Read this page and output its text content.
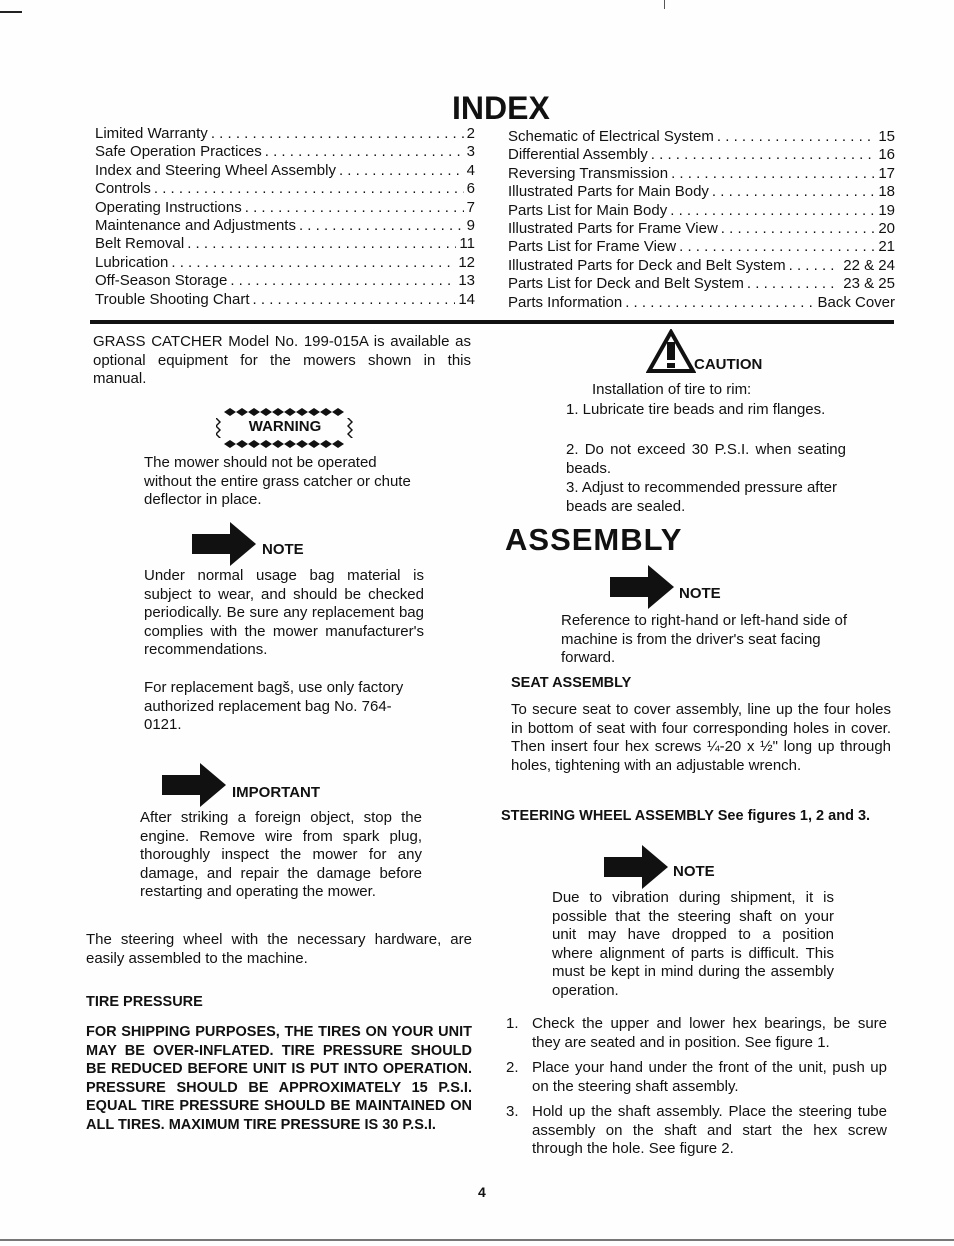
INDEX
Limited Warranty . . .	2
Safe Operation Practices . . .	3
Index and Steering Wheel Assembly . . .	4
Controls . . .	6
Operating Instructions . . .	7
Maintenance and Adjustments . . .	9
Belt Removal . . .	11
Lubrication . . .	12
Off-Season Storage . . .	13
Trouble Shooting Chart . . .	14
Schematic of Electrical System . . .	15
Differential Assembly . . .	16
Reversing Transmission . . .	17
Illustrated Parts for Main Body . . .	18
Parts List for Main Body . . .	19
Illustrated Parts for Frame View . . .	20
Parts List for Frame View . . .	21
Illustrated Parts for Deck and Belt System . . .	22 & 24
Parts List for Deck and Belt System . . .	23 & 25
Parts Information . . .	Back Cover

GRASS CATCHER Model No. 199-015A is available as optional equipment for the mowers shown in this manual.

WARNING

The mower should not be operated without the entire grass catcher or chute deflector in place.

NOTE

Under normal usage bag material is subject to wear, and should be checked periodically. Be sure any replacement bag complies with the mower manufacturer's recommendations.

For replacement bagš, use only factory authorized replacement bag No. 764-0121.

IMPORTANT

After striking a foreign object, stop the engine. Remove wire from spark plug, thoroughly inspect the mower for any damage, and repair the damage before restarting and operating the mower.

The steering wheel with the necessary hardware, are easily assembled to the machine.

TIRE PRESSURE

FOR SHIPPING PURPOSES, THE TIRES ON YOUR UNIT MAY BE OVER-INFLATED. TIRE PRESSURE SHOULD BE REDUCED BEFORE UNIT IS PUT INTO OPERATION. PRESSURE SHOULD BE APPROXIMATELY 15 P.S.I. EQUAL TIRE PRESSURE SHOULD BE MAINTAINED ON ALL TIRES. MAXIMUM TIRE PRESSURE IS 30 P.S.I.

CAUTION

Installation of tire to rim:

1. Lubricate tire beads and rim flanges.

2. Do not exceed 30 P.S.I. when seating beads.

3. Adjust to recommended pressure after beads are sealed.

ASSEMBLY
NOTE

Reference to right-hand or left-hand side of machine is from the driver's seat facing forward.

SEAT ASSEMBLY

To secure seat to cover assembly, line up the four holes in bottom of seat with four corresponding holes in cover. Then insert four hex screws ¼-20 x ½" long up through holes, tightening with an adjustable wrench.

STEERING WHEEL ASSEMBLY See figures 1, 2 and 3.
NOTE

Due to vibration during shipment, it is possible that the steering shaft on your unit may have dropped to a position where alignment of parts is difficult. This must be kept in mind during the assembly operation.

1. Check the upper and lower hex bearings, be sure they are seated and in position. See figure 1.
2. Place your hand under the front of the unit, push up on the steering shaft assembly.
3. Hold up the shaft assembly. Place the steering tube assembly on the shaft and start the hex screw through the hole. See figure 2.
4
